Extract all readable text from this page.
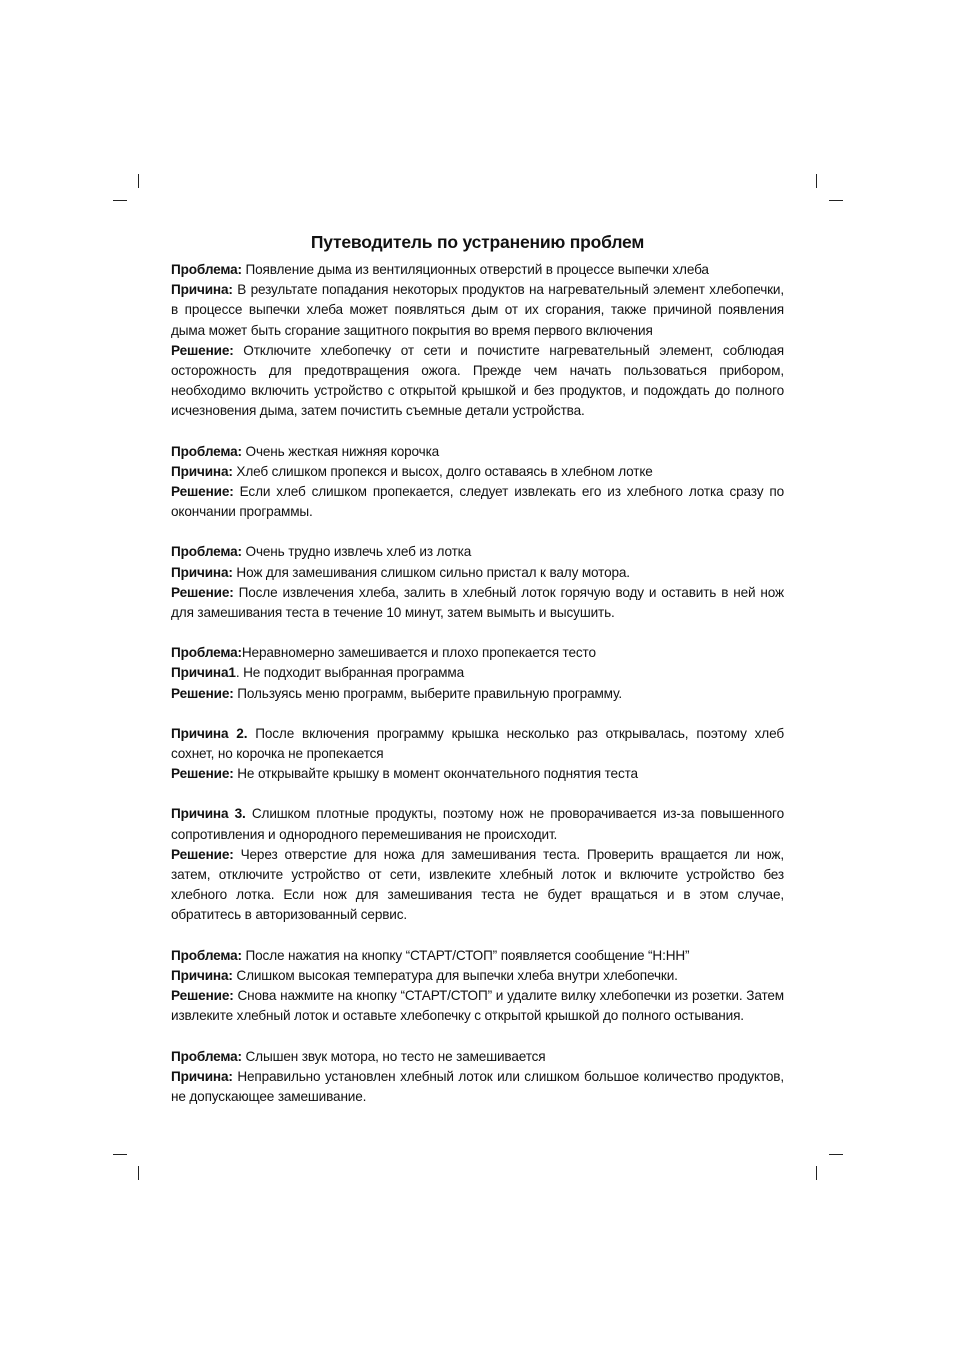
Путеводитель по устранению проблем
Проблема: Появление дыма из вентиляционных отверстий в процессе выпечки хлеба
Причина: В результате попадания некоторых продуктов на нагревательный элемент хлебопечки, в процессе выпечки хлеба может появляться дым от их сгорания, также причиной появления дыма может быть сгорание защитного покрытия во время первого включения
Решение: Отключите хлебопечку от сети и почистите нагревательный элемент, соблюдая осторожность для предотвращения ожога. Прежде чем начать пользоваться прибором, необходимо включить устройство с открытой крышкой и без продуктов, и подождать до полного исчезновения дыма, затем почистить съемные детали устройства.
Проблема: Очень жесткая нижняя корочка
Причина: Хлеб слишком пропекся и высох, долго оставаясь в хлебном лотке
Решение: Если хлеб слишком пропекается, следует извлекать его из хлебного лотка сразу по окончании программы.
Проблема: Очень трудно извлечь хлеб из лотка
Причина: Нож для замешивания слишком сильно пристал к валу мотора.
Решение: После извлечения хлеба, залить в хлебный лоток горячую воду и оставить в ней нож для замешивания теста в течение 10 минут, затем вымыть и высушить.
Проблема:Неравномерно замешивается и плохо пропекается тесто
Причина1. Не подходит выбранная программа
Решение: Пользуясь меню программ, выберите правильную программу.
Причина 2. После включения программу крышка несколько раз открывалась, поэтому хлеб сохнет, но корочка не пропекается
Решение: Не открывайте крышку в момент окончательного поднятия теста
Причина 3. Слишком плотные продукты, поэтому нож не проворачивается из-за повышенного сопротивления и однородного перемешивания не происходит.
Решение: Через отверстие для ножа для замешивания теста. Проверить вращается ли нож, затем, отключите устройство от сети, извлеките хлебный лоток и включите устройство без хлебного лотка. Если нож для замешивания теста не будет вращаться и в этом случае, обратитесь в авторизованный сервис.
Проблема: После нажатия на кнопку “СТАРТ/СТОП” появляется сообщение “Н:НН”
Причина: Слишком высокая температура для выпечки хлеба внутри хлебопечки.
Решение: Снова нажмите на кнопку “СТАРТ/СТОП” и удалите вилку хлебопечки из розетки. Затем извлеките хлебный лоток и оставьте хлебопечку с открытой крышкой до полного остывания.
Проблема: Слышен звук мотора, но тесто не замешивается
Причина: Неправильно установлен хлебный лоток или слишком большое количество продуктов, не допускающее замешивание.
